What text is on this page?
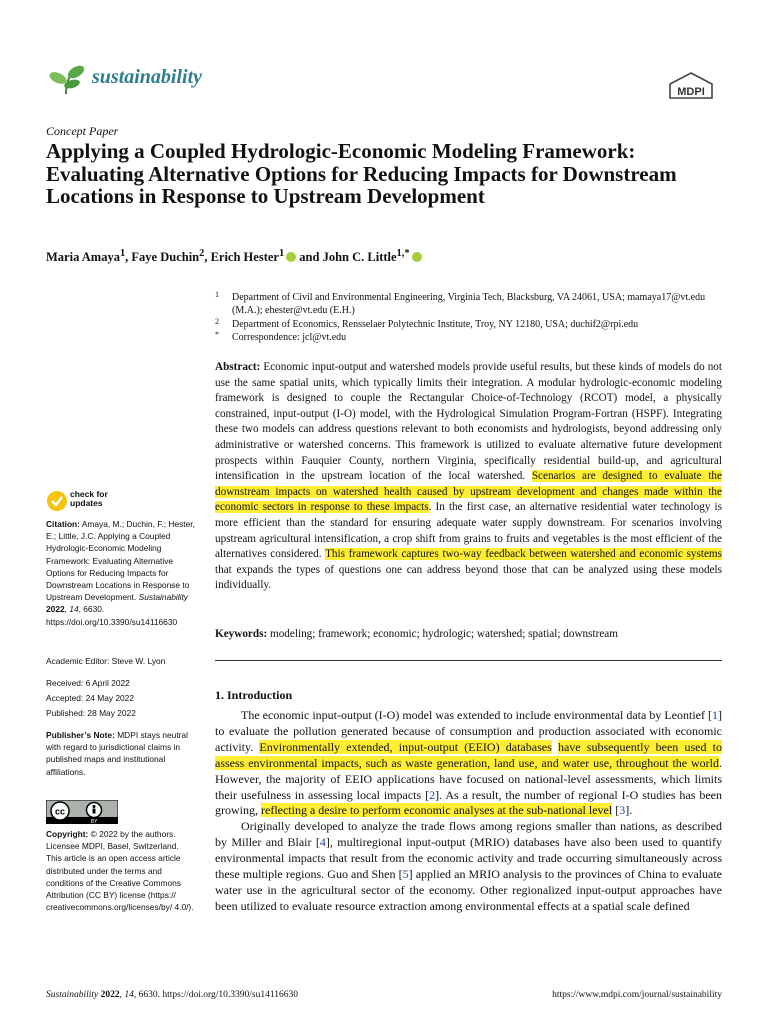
sustainability
MDPI
Concept Paper
Applying a Coupled Hydrologic-Economic Modeling Framework: Evaluating Alternative Options for Reducing Impacts for Downstream Locations in Response to Upstream Development
Maria Amaya$^1$, Faye Duchin$^2$, Erich Hester$^1$ and John C. Little$^{1,*}$
1 Department of Civil and Environmental Engineering, Virginia Tech, Blacksburg, VA 24061, USA; mamaya17@vt.edu (M.A.); ehester@vt.edu (E.H.)
2 Department of Economics, Rensselaer Polytechnic Institute, Troy, NY 12180, USA; duchif2@rpi.edu
* Correspondence: jcl@vt.edu
Abstract: Economic input-output and watershed models provide useful results, but these kinds of models do not use the same spatial units, which typically limits their integration. A modular hydrologic-economic modeling framework is designed to couple the Rectangular Choice-of-Technology (RCOT) model, a physically constrained, input-output (I-O) model, with the Hydrological Simulation Program-Fortran (HSPF). Integrating these two models can address questions relevant to both economists and hydrologists, beyond addressing only administrative or watershed concerns. This framework is utilized to evaluate alternative future development prospects within Fauquier County, northern Virginia, specifically residential build-up, and agricultural intensification in the upstream location of the local watershed. Scenarios are designed to evaluate the downstream impacts on watershed health caused by upstream development and changes made within the economic sectors in response to these impacts. In the first case, an alternative residential water technology is more efficient than the standard for ensuring adequate water supply downstream. For scenarios involving upstream agricultural intensification, a crop shift from grains to fruits and vegetables is the most efficient of the alternatives considered. This framework captures two-way feedback between watershed and economic systems that expands the types of questions one can address beyond those that can be analyzed using these models individually.
Keywords: modeling; framework; economic; hydrologic; watershed; spatial; downstream
1. Introduction

The economic input-output (I-O) model was extended to include environmental data by Leontief [1] to evaluate the pollution generated because of consumption and production associated with economic activity. Environmentally extended, input-output (EEIO) databases have subsequently been used to assess environmental impacts, such as waste generation, land use, and water use, throughout the world. However, the majority of EEIO applications have focused on national-level assessments, which limits their usefulness in assessing local impacts [2]. As a result, the number of regional I-O studies has been growing, reflecting a desire to perform economic analyses at the sub-national level [3].

Originally developed to analyze the trade flows among regions smaller than nations, as described by Miller and Blair [4], multiregional input-output (MRIO) databases have also been used to quantify environmental impacts that result from the economic activity and trade occurring simultaneously across these multiple regions. Guo and Shen [5] applied an MRIO analysis to the provinces of China to evaluate water use in the agricultural sector of the economy. Other regionalized input-output approaches have been utilized to evaluate resource extraction among environmental effects at a spatial scale defined

check for updates
Citation: Amaya, M.; Duchin, F.; Hester, E.; Little, J.C. Applying a Coupled Hydrologic-Economic Modeling Framework: Evaluating Alternative Options for Reducing Impacts for Downstream Locations in Response to Upstream Development. Sustainability 2022, 14, 6630. https://doi.org/10.3390/su14116630
Academic Editor: Steve W. Lyon
Received: 6 April 2022
Accepted: 24 May 2022
Published: 28 May 2022
Publisher’s Note: MDPI stays neutral with regard to jurisdictional claims in published maps and institutional affiliations.
cc
BY
Copyright: © 2022 by the authors. Licensee MDPI, Basel, Switzerland. This article is an open access article distributed under the terms and conditions of the Creative Commons Attribution (CC BY) license (https:// creativecommons.org/licenses/by/ 4.0/).
Sustainability 2022, 14, 6630. https://doi.org/10.3390/su14116630	https://www.mdpi.com/journal/sustainability
